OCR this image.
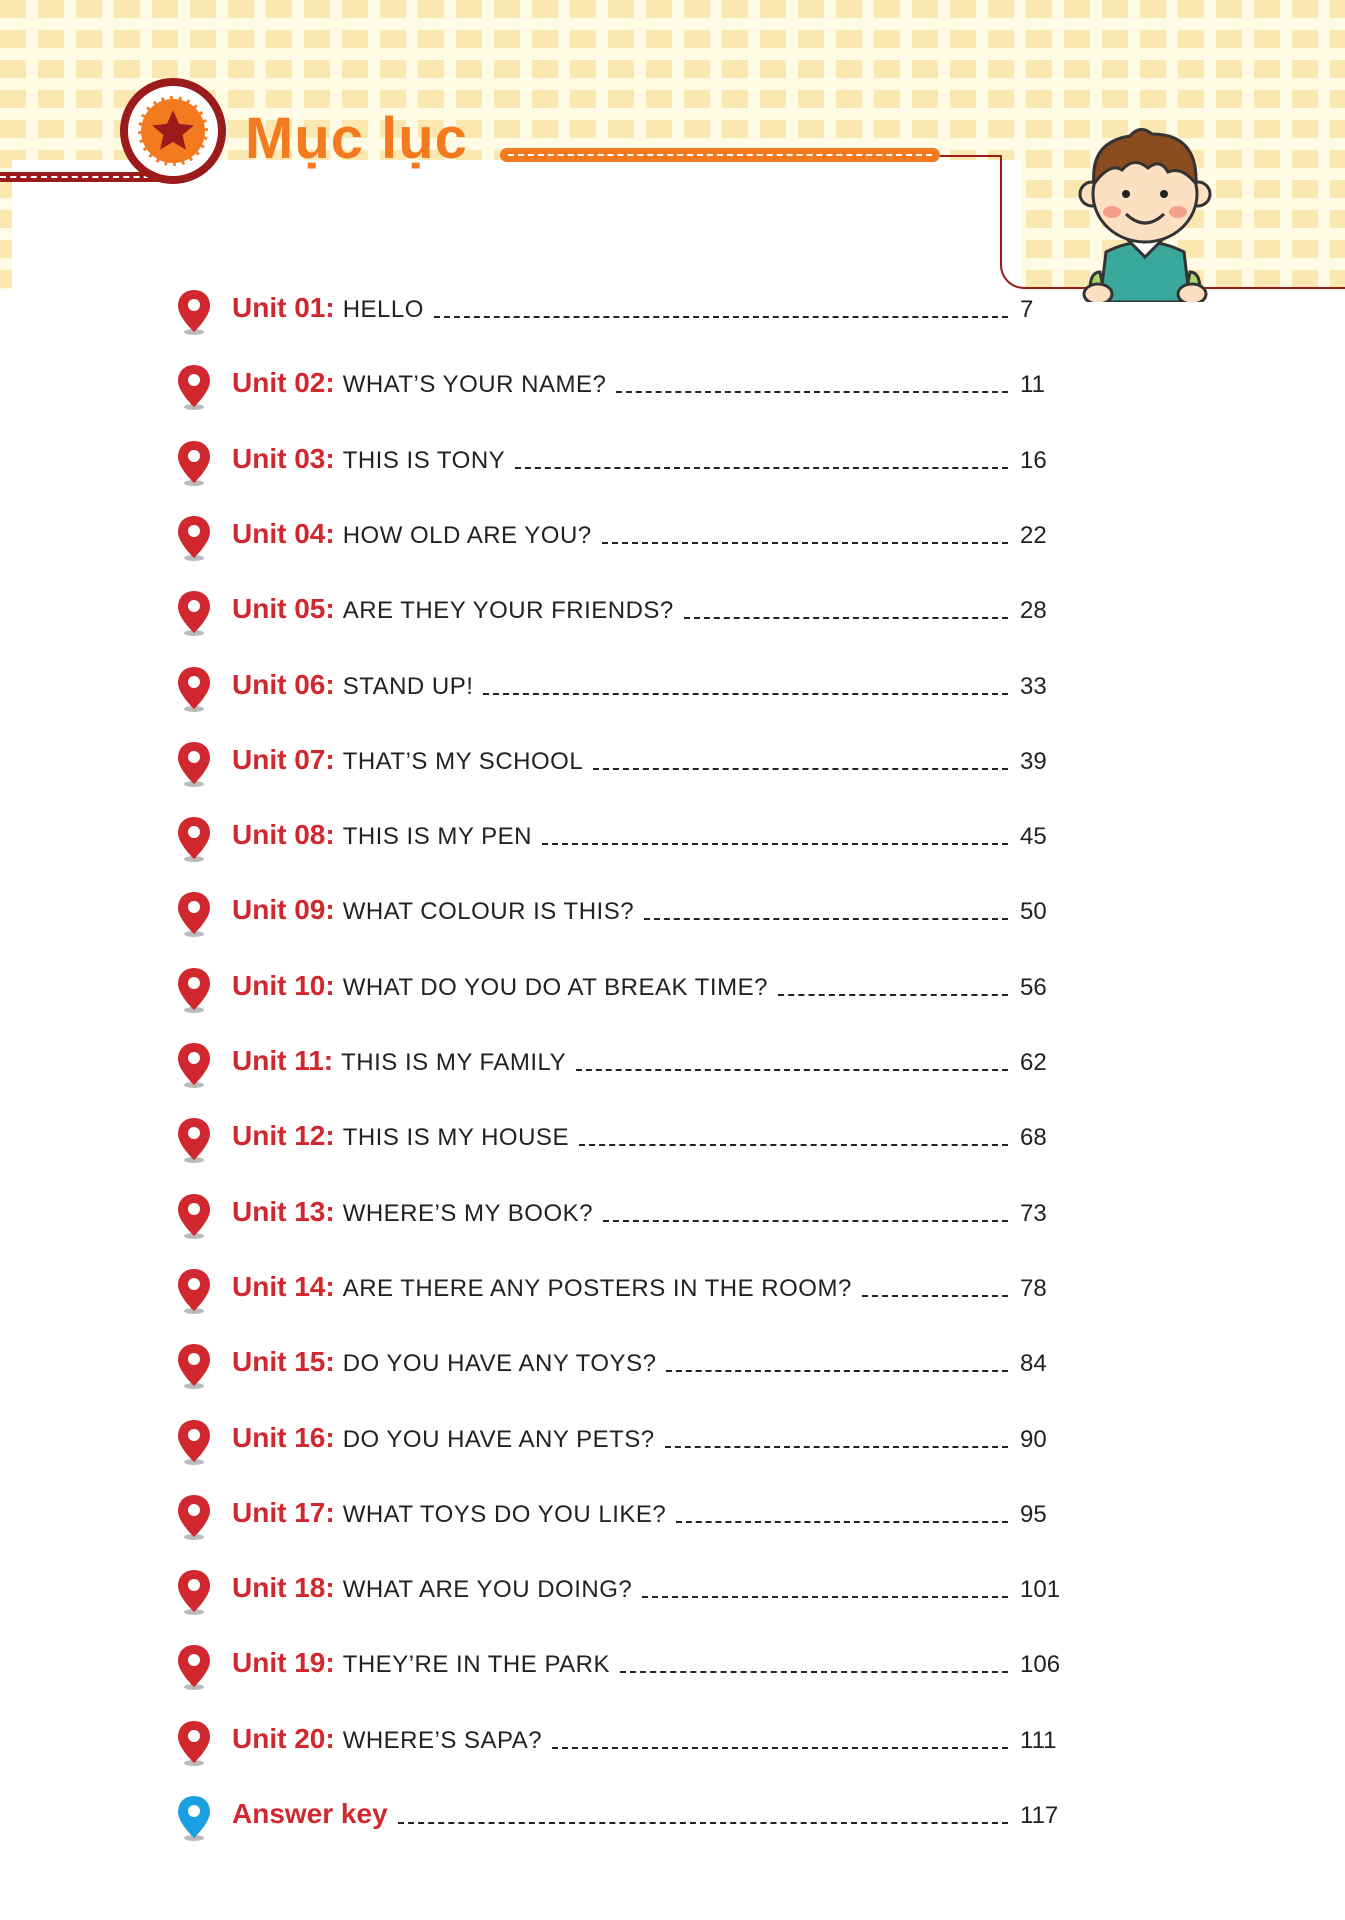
Mục lục
Unit 01: HELLO	7
Unit 02: WHAT’S YOUR NAME?	11
Unit 03: THIS IS TONY	16
Unit 04: HOW OLD ARE YOU?	22
Unit 05: ARE THEY YOUR FRIENDS?	28
Unit 06: STAND UP!	33
Unit 07: THAT’S MY SCHOOL	39
Unit 08: THIS IS MY PEN	45
Unit 09: WHAT COLOUR IS THIS?	50
Unit 10: WHAT DO YOU DO AT BREAK TIME?	56
Unit 11: THIS IS MY FAMILY	62
Unit 12: THIS IS MY HOUSE	68
Unit 13: WHERE’S MY BOOK?	73
Unit 14: ARE THERE ANY POSTERS IN THE ROOM?	78
Unit 15: DO YOU HAVE ANY TOYS?	84
Unit 16: DO YOU HAVE ANY PETS?	90
Unit 17: WHAT TOYS DO YOU LIKE?	95
Unit 18: WHAT ARE YOU DOING?	101
Unit 19: THEY’RE IN THE PARK	106
Unit 20: WHERE’S SAPA?	111
Answer key	117
